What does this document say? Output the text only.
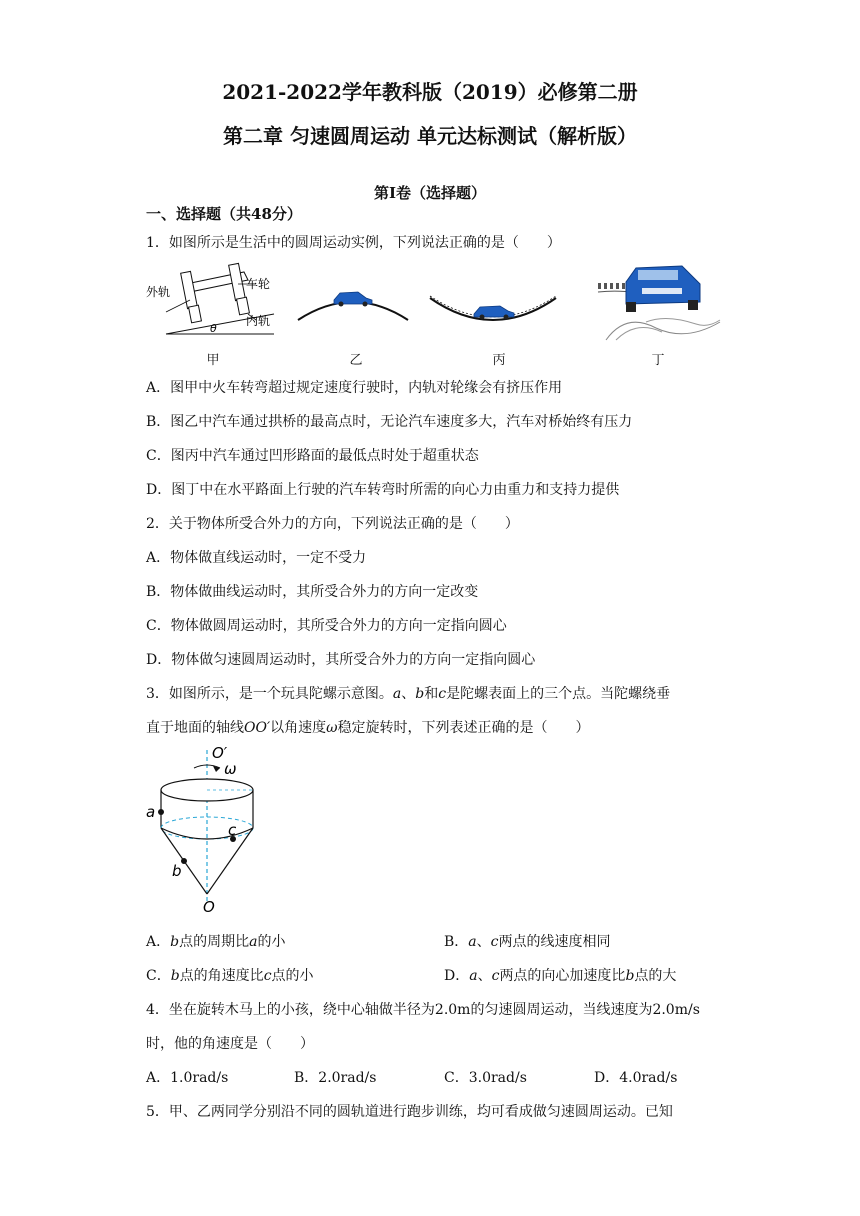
2021-2022学年教科版（2019）必修第二册
第二章 匀速圆周运动 单元达标测试（解析版）
第Ⅰ卷（选择题）
一、选择题（共48分）
1．如图所示是生活中的圆周运动实例，下列说法正确的是（　　）
外轨
车轮
内轨
θ
甲	乙	丙	丁
A．图甲中火车转弯超过规定速度行驶时，内轨对轮缘会有挤压作用
B．图乙中汽车通过拱桥的最高点时，无论汽车速度多大，汽车对桥始终有压力
C．图丙中汽车通过凹形路面的最低点时处于超重状态
D．图丁中在水平路面上行驶的汽车转弯时所需的向心力由重力和支持力提供
2．关于物体所受合外力的方向，下列说法正确的是（　　）
A．物体做直线运动时，一定不受力
B．物体做曲线运动时，其所受合外力的方向一定改变
C．物体做圆周运动时，其所受合外力的方向一定指向圆心
D．物体做匀速圆周运动时，其所受合外力的方向一定指向圆心
3．如图所示，是一个玩具陀螺示意图。a、b和c是陀螺表面上的三个点。当陀螺绕垂
直于地面的轴线OO′以角速度ω稳定旋转时，下列表述正确的是（　　）
O′
ω
a
c
b
O
A．b点的周期比a的小	B．a、c两点的线速度相同
C．b点的角速度比c点的小	D．a、c两点的向心加速度比b点的大
4．坐在旋转木马上的小孩，绕中心轴做半径为2.0m的匀速圆周运动，当线速度为2.0m/s
时，他的角速度是（　　）
A．1.0rad/s	B．2.0rad/s	C．3.0rad/s	D．4.0rad/s
5．甲、乙两同学分别沿不同的圆轨道进行跑步训练，均可看成做匀速圆周运动。已知
